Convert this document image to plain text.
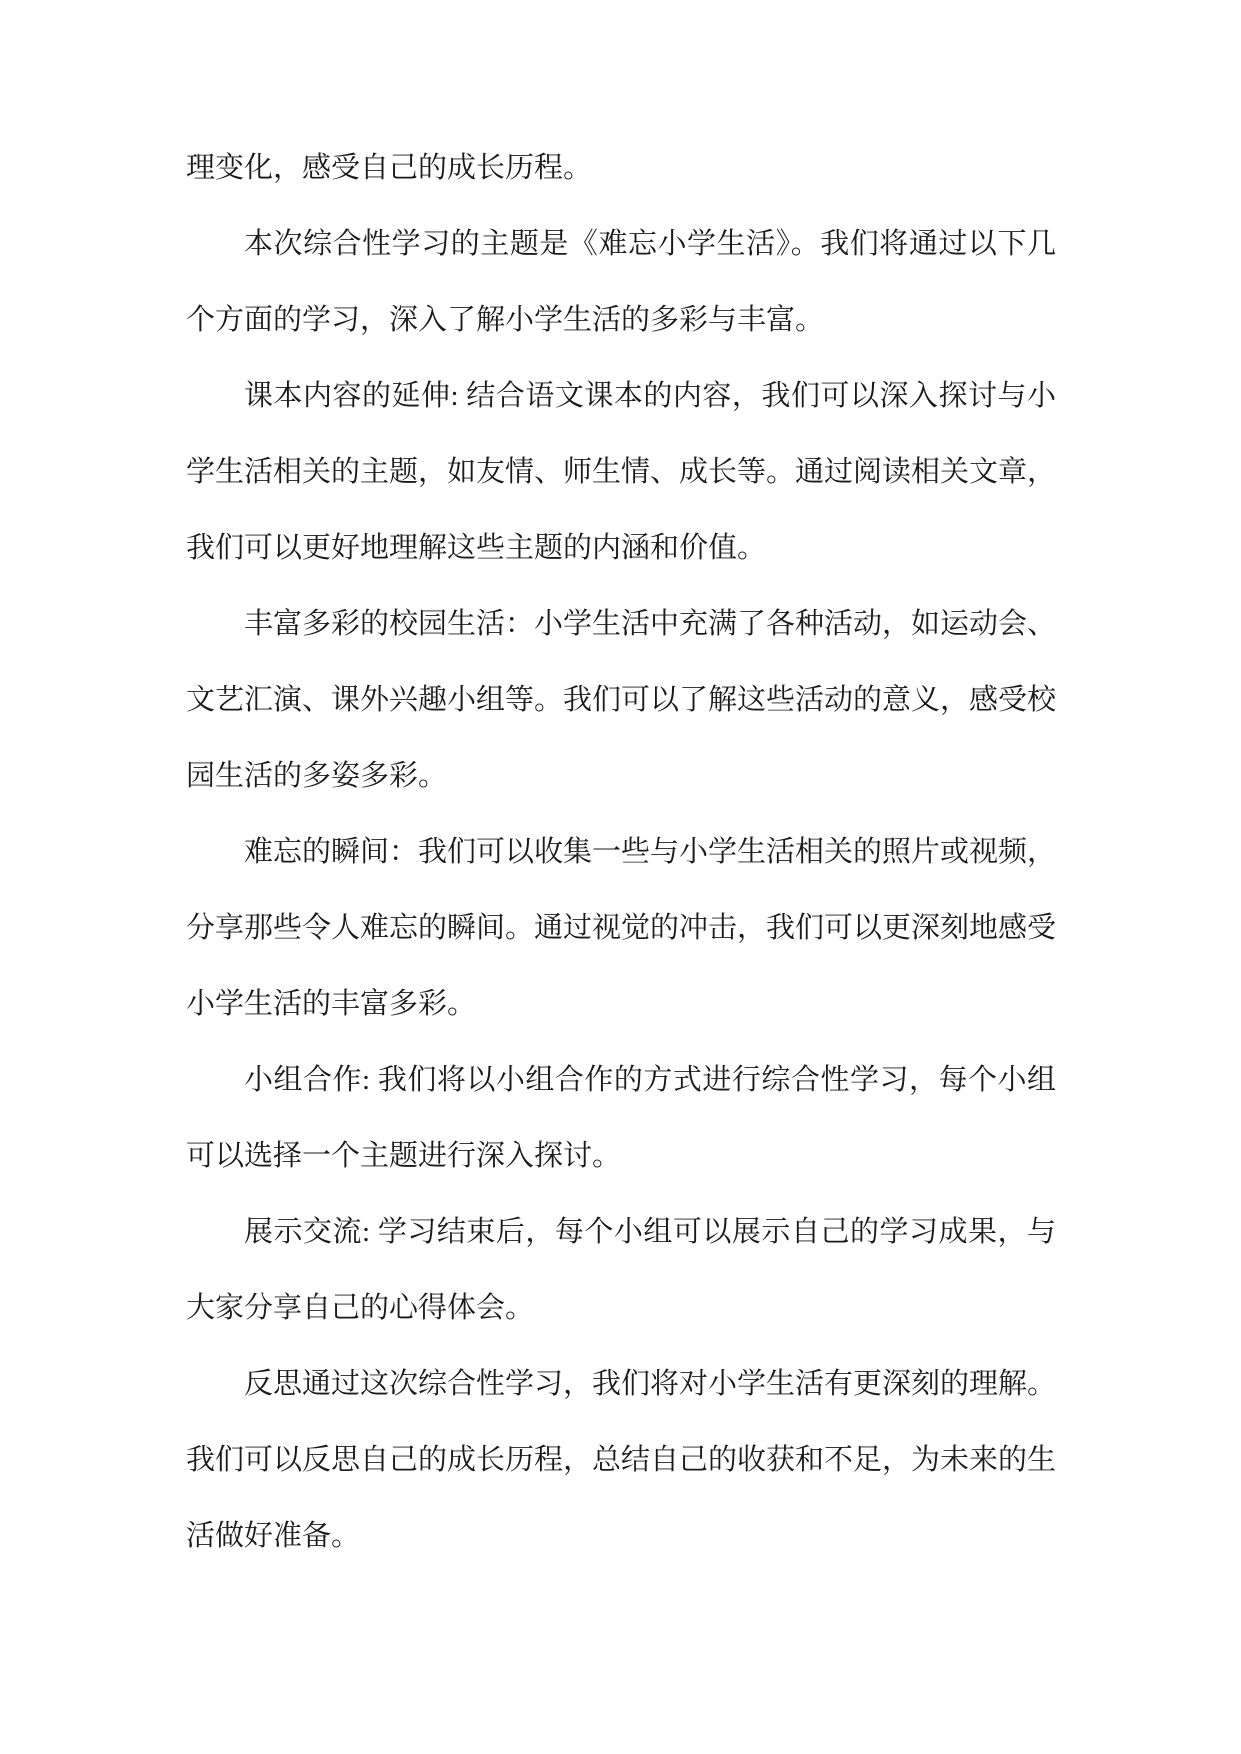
理变化，感受自己的成长历程。

本次综合性学习的主题是《难忘小学生活》。我们将通过以下几个方面的学习，深入了解小学生活的多彩与丰富。

课本内容的延伸: 结合语文课本的内容，我们可以深入探讨与小学生活相关的主题，如友情、师生情、成长等。通过阅读相关文章，我们可以更好地理解这些主题的内涵和价值。

丰富多彩的校园生活：小学生活中充满了各种活动，如运动会、文艺汇演、课外兴趣小组等。我们可以了解这些活动的意义，感受校园生活的多姿多彩。

难忘的瞬间：我们可以收集一些与小学生活相关的照片或视频，分享那些令人难忘的瞬间。通过视觉的冲击，我们可以更深刻地感受小学生活的丰富多彩。

小组合作: 我们将以小组合作的方式进行综合性学习，每个小组可以选择一个主题进行深入探讨。

展示交流: 学习结束后，每个小组可以展示自己的学习成果，与大家分享自己的心得体会。

反思通过这次综合性学习，我们将对小学生活有更深刻的理解。我们可以反思自己的成长历程，总结自己的收获和不足，为未来的生活做好准备。
